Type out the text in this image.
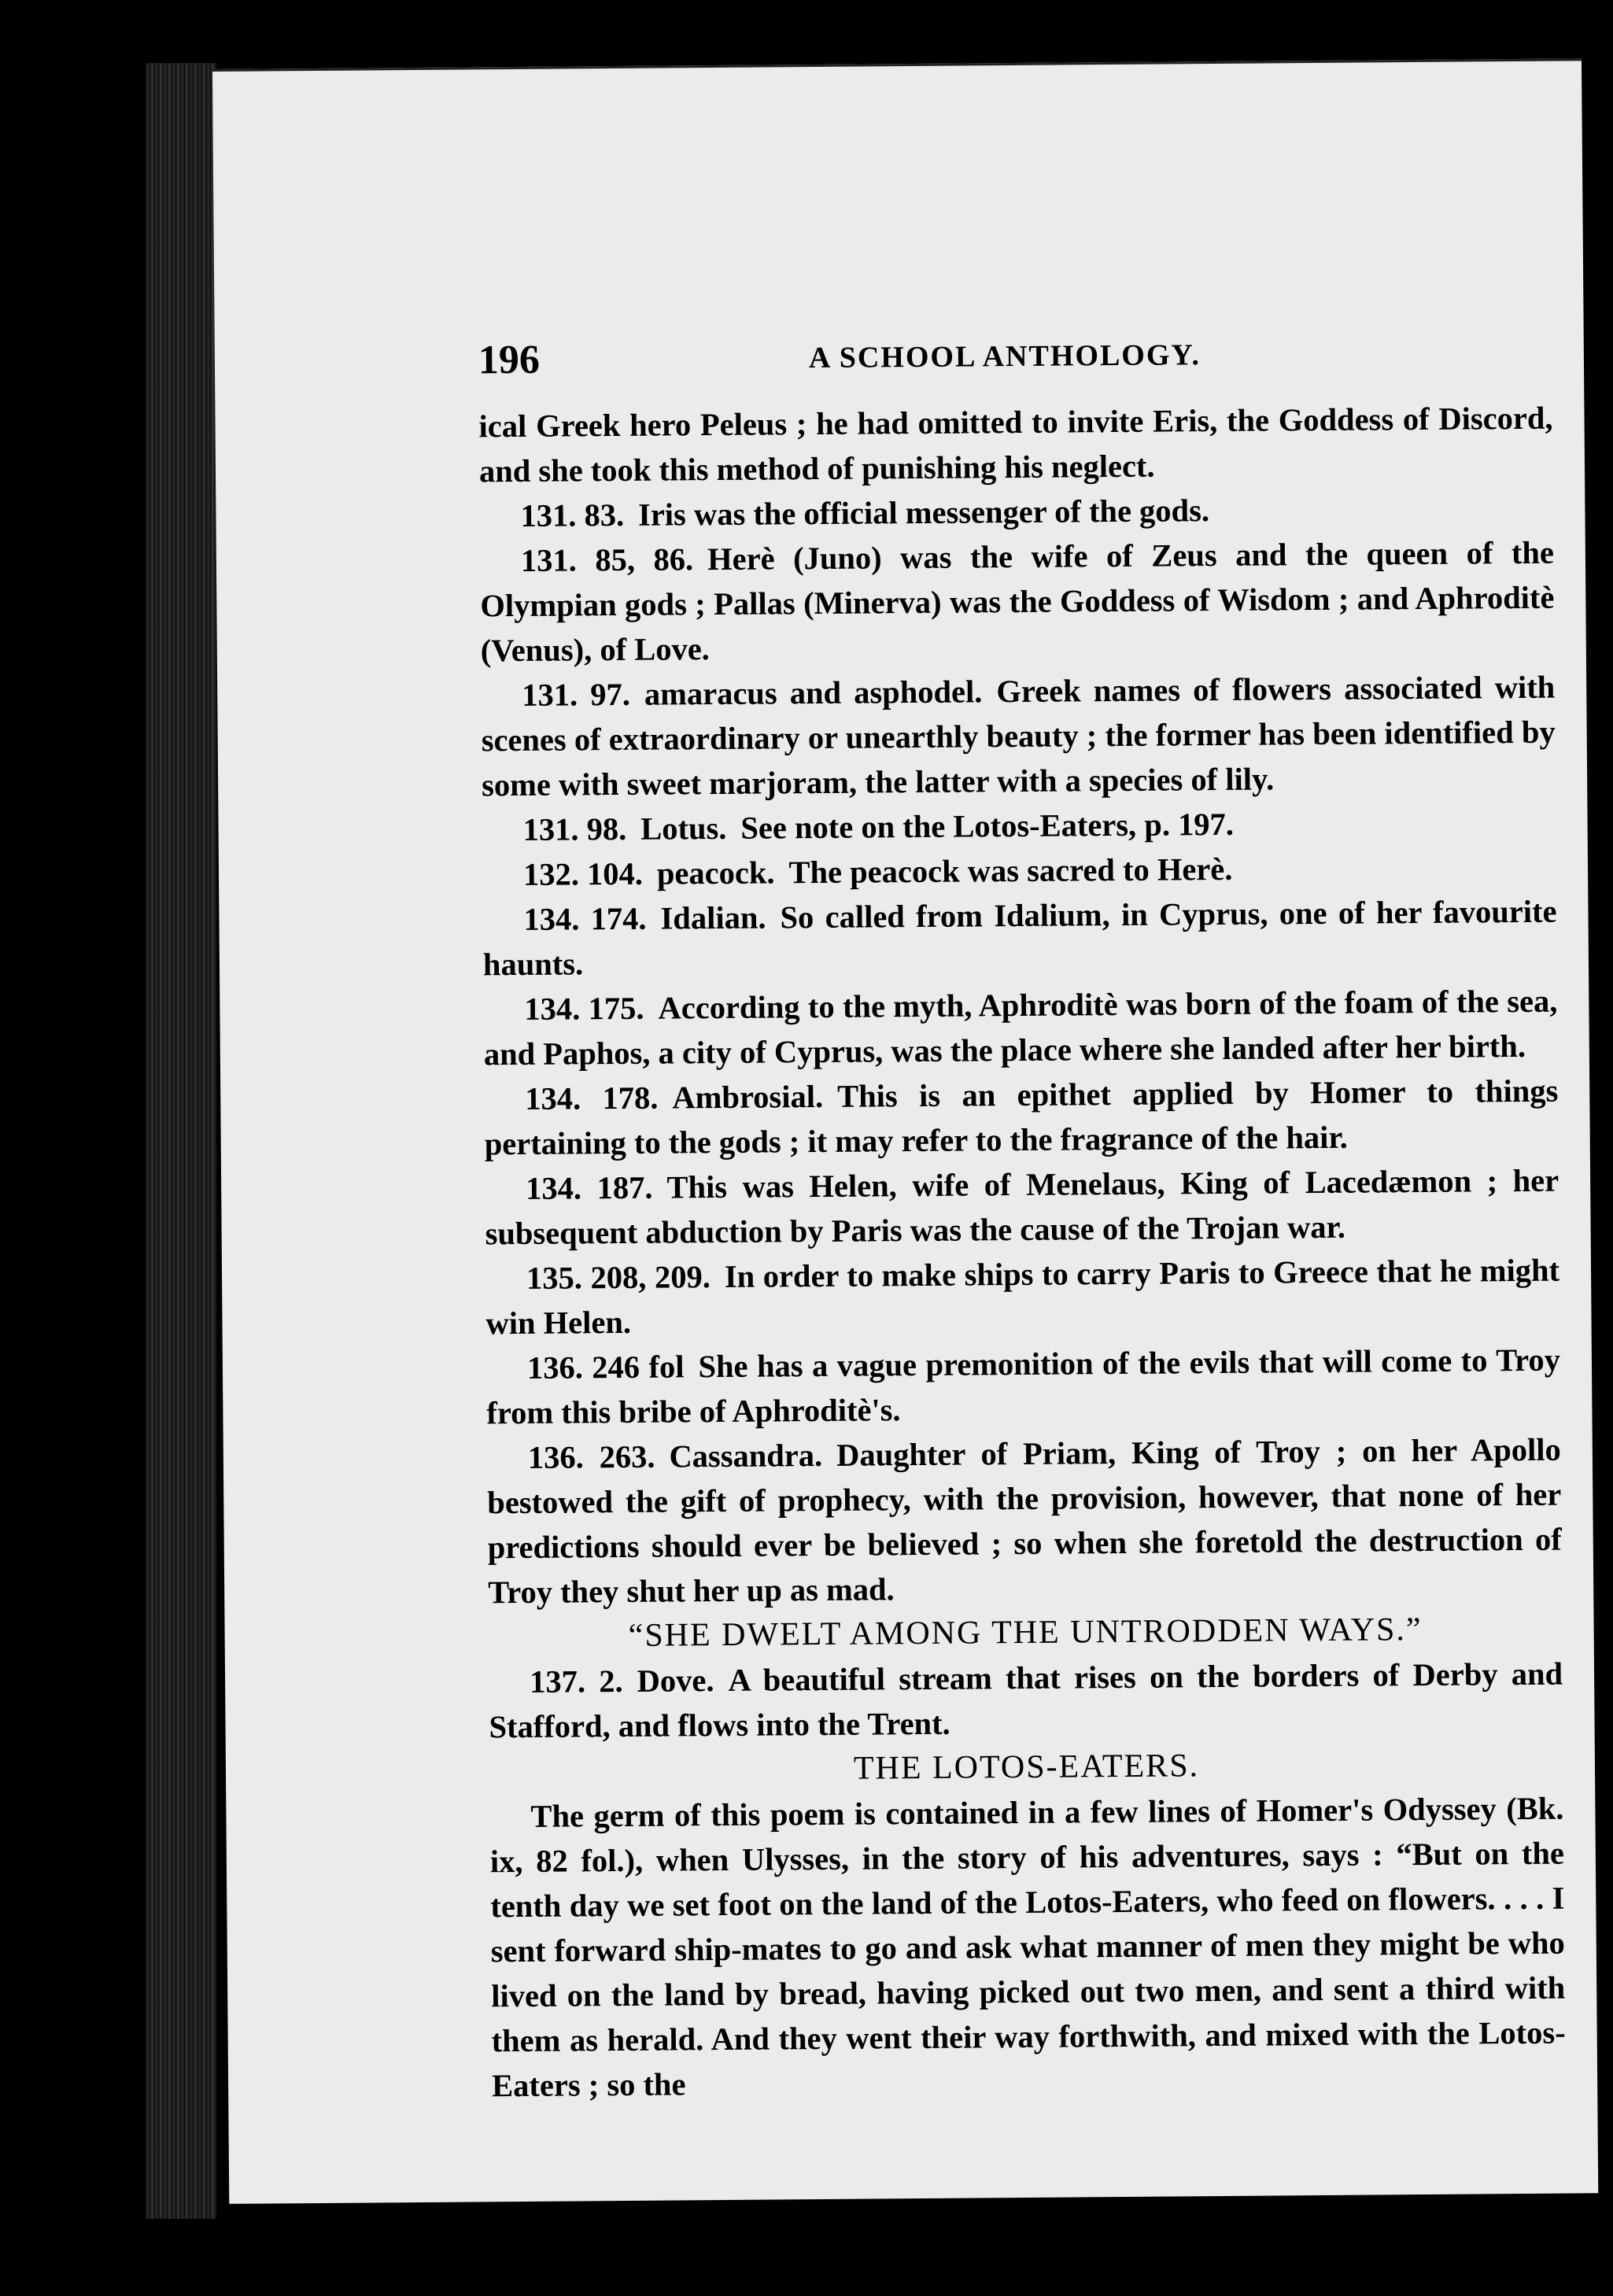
196	A SCHOOL ANTHOLOGY.

ical Greek hero Peleus ; he had omitted to invite Eris, the Goddess of Discord, and she took this method of punishing his neglect.

131. 83. Iris was the official messenger of the gods.

131. 85, 86. Herè (Juno) was the wife of Zeus and the queen of the Olympian gods ; Pallas (Minerva) was the Goddess of Wisdom ; and Aphroditè (Venus), of Love.

131. 97. amaracus and asphodel. Greek names of flowers associated with scenes of extraordinary or unearthly beauty ; the former has been identified by some with sweet marjoram, the latter with a species of lily.

131. 98. Lotus. See note on the Lotos-Eaters, p. 197.

132. 104. peacock. The peacock was sacred to Herè.

134. 174. Idalian. So called from Idalium, in Cyprus, one of her favourite haunts.

134. 175. According to the myth, Aphroditè was born of the foam of the sea, and Paphos, a city of Cyprus, was the place where she landed after her birth.

134. 178. Ambrosial. This is an epithet applied by Homer to things pertaining to the gods ; it may refer to the fragrance of the hair.

134. 187. This was Helen, wife of Menelaus, King of Lacedæmon ; her subsequent abduction by Paris was the cause of the Trojan war.

135. 208, 209. In order to make ships to carry Paris to Greece that he might win Helen.

136. 246 fol She has a vague premonition of the evils that will come to Troy from this bribe of Aphroditè's.

136. 263. Cassandra. Daughter of Priam, King of Troy ; on her Apollo bestowed the gift of prophecy, with the provision, however, that none of her predictions should ever be believed ; so when she foretold the destruction of Troy they shut her up as mad.

“SHE DWELT AMONG THE UNTRODDEN WAYS.”

137. 2. Dove. A beautiful stream that rises on the borders of Derby and Stafford, and flows into the Trent.

THE LOTOS-EATERS.

The germ of this poem is contained in a few lines of Homer's Odyssey (Bk. ix, 82 fol.), when Ulysses, in the story of his adventures, says : “But on the tenth day we set foot on the land of the Lotos-Eaters, who feed on flowers. . . . I sent forward ship-mates to go and ask what manner of men they might be who lived on the land by bread, having picked out two men, and sent a third with them as herald. And they went their way forthwith, and mixed with the Lotos-Eaters ; so the
